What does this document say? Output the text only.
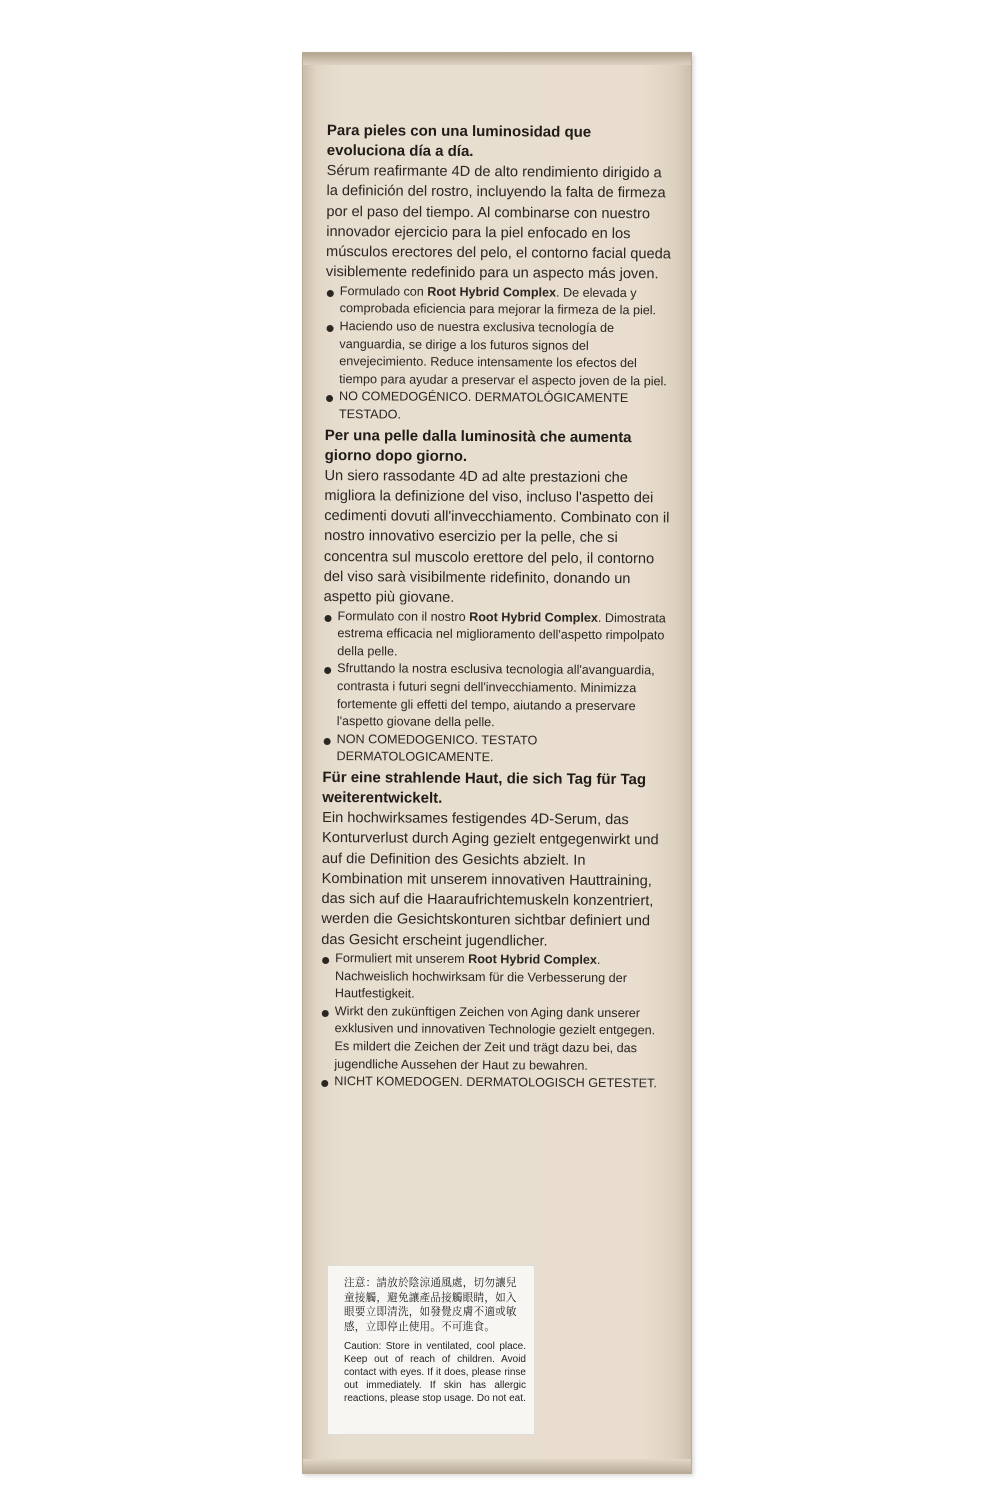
Para pieles con una luminosidad que evoluciona día a día.

Sérum reafirmante 4D de alto rendimiento dirigido a la definición del rostro, incluyendo la falta de firmeza por el paso del tiempo. Al combinarse con nuestro innovador ejercicio para la piel enfocado en los músculos erectores del pelo, el contorno facial queda visiblemente redefinido para un aspecto más joven.

Formulado con Root Hybrid Complex. De elevada y comprobada eficiencia para mejorar la firmeza de la piel.
Haciendo uso de nuestra exclusiva tecnología de vanguardia, se dirige a los futuros signos del envejecimiento. Reduce intensamente los efectos del tiempo para ayudar a preservar el aspecto joven de la piel.
NO COMEDOGÉNICO. DERMATOLÓGICAMENTE TESTADO.

Per una pelle dalla luminosità che aumenta giorno dopo giorno.

Un siero rassodante 4D ad alte prestazioni che migliora la definizione del viso, incluso l'aspetto dei cedimenti dovuti all'invecchiamento. Combinato con il nostro innovativo esercizio per la pelle, che si concentra sul muscolo erettore del pelo, il contorno del viso sarà visibilmente ridefinito, donando un aspetto più giovane.

Formulato con il nostro Root Hybrid Complex. Dimostrata estrema efficacia nel miglioramento dell'aspetto rimpolpato della pelle.
Sfruttando la nostra esclusiva tecnologia all'avanguardia, contrasta i futuri segni dell'invecchiamento. Minimizza fortemente gli effetti del tempo, aiutando a preservare l'aspetto giovane della pelle.
NON COMEDOGENICO. TESTATO DERMATOLOGICAMENTE.

Für eine strahlende Haut, die sich Tag für Tag weiterentwickelt.

Ein hochwirksames festigendes 4D-Serum, das Konturverlust durch Aging gezielt entgegenwirkt und auf die Definition des Gesichts abzielt. In Kombination mit unserem innovativen Hauttraining, das sich auf die Haaraufrichtemuskeln konzentriert, werden die Gesichtskonturen sichtbar definiert und das Gesicht erscheint jugendlicher.

Formuliert mit unserem Root Hybrid Complex. Nachweislich hochwirksam für die Verbesserung der Hautfestigkeit.
Wirkt den zukünftigen Zeichen von Aging dank unserer exklusiven und innovativen Technologie gezielt entgegen. Es mildert die Zeichen der Zeit und trägt dazu bei, das jugendliche Aussehen der Haut zu bewahren.
NICHT KOMEDOGEN. DERMATOLOGISCH GETESTET.

注意：請放於陰涼通風處，切勿讓兒童接觸，避免讓產品接觸眼睛，如入眼要立即清洗，如發覺皮膚不適或敏感，立即停止使用。不可進食。

Caution: Store in ventilated, cool place. Keep out of reach of children. Avoid contact with eyes. If it does, please rinse out immediately. If skin has allergic reactions, please stop usage. Do not eat.
